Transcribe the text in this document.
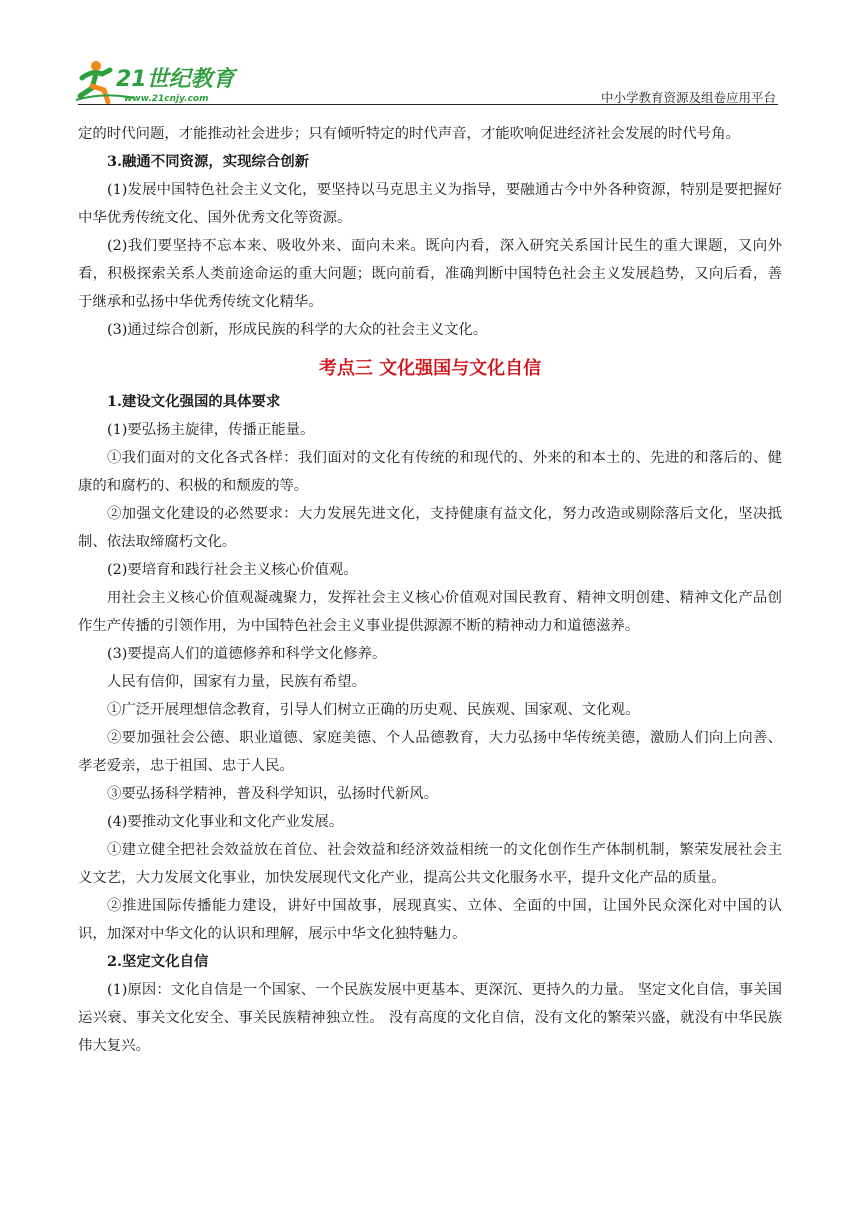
21世纪教育
www.21cnjy.com	中小学教育资源及组卷应用平台

定的时代问题，才能推动社会进步；只有倾听特定的时代声音，才能吹响促进经济社会发展的时代号角。

3.融通不同资源，实现综合创新

(1)发展中国特色社会主义文化，要坚持以马克思主义为指导，要融通古今中外各种资源，特别是要把握好中华优秀传统文化、国外优秀文化等资源。

(2)我们要坚持不忘本来、吸收外来、面向未来。既向内看，深入研究关系国计民生的重大课题，又向外看，积极探索关系人类前途命运的重大问题；既向前看，准确判断中国特色社会主义发展趋势，又向后看，善于继承和弘扬中华优秀传统文化精华。

(3)通过综合创新，形成民族的科学的大众的社会主义文化。

考点三 文化强国与文化自信

1.建设文化强国的具体要求

(1)要弘扬主旋律，传播正能量。

①我们面对的文化各式各样：我们面对的文化有传统的和现代的、外来的和本土的、先进的和落后的、健康的和腐朽的、积极的和颓废的等。

②加强文化建设的必然要求：大力发展先进文化，支持健康有益文化，努力改造或剔除落后文化，坚决抵制、依法取缔腐朽文化。

(2)要培育和践行社会主义核心价值观。

用社会主义核心价值观凝魂聚力，发挥社会主义核心价值观对国民教育、精神文明创建、精神文化产品创作生产传播的引领作用，为中国特色社会主义事业提供源源不断的精神动力和道德滋养。

(3)要提高人们的道德修养和科学文化修养。

人民有信仰，国家有力量，民族有希望。

①广泛开展理想信念教育，引导人们树立正确的历史观、民族观、国家观、文化观。

②要加强社会公德、职业道德、家庭美德、个人品德教育，大力弘扬中华传统美德，激励人们向上向善、孝老爱亲，忠于祖国、忠于人民。

③要弘扬科学精神，普及科学知识，弘扬时代新风。

(4)要推动文化事业和文化产业发展。

①建立健全把社会效益放在首位、社会效益和经济效益相统一的文化创作生产体制机制，繁荣发展社会主义文艺，大力发展文化事业，加快发展现代文化产业，提高公共文化服务水平，提升文化产品的质量。

②推进国际传播能力建设，讲好中国故事，展现真实、立体、全面的中国，让国外民众深化对中国的认识，加深对中华文化的认识和理解，展示中华文化独特魅力。

2.坚定文化自信

(1)原因：文化自信是一个国家、一个民族发展中更基本、更深沉、更持久的力量。 坚定文化自信，事关国运兴衰、事关文化安全、事关民族精神独立性。 没有高度的文化自信，没有文化的繁荣兴盛，就没有中华民族伟大复兴。
